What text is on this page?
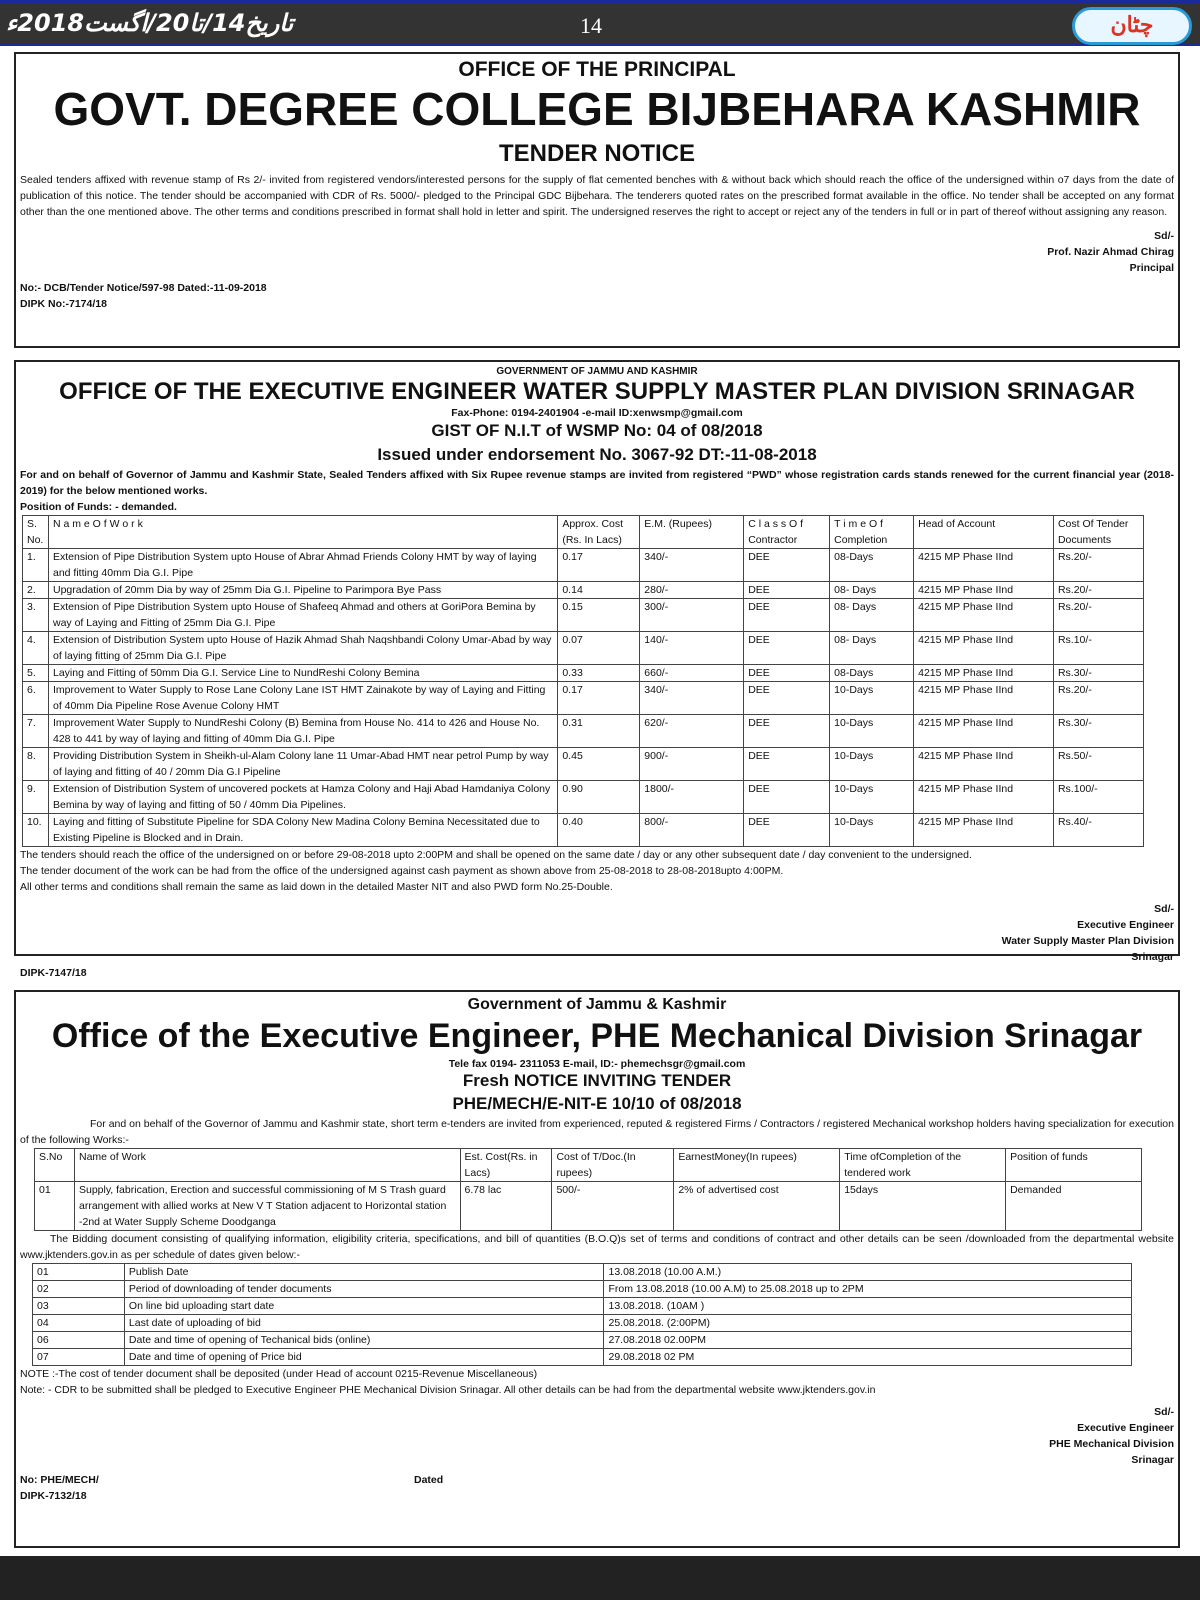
تاریخ14/تا20/اگست2018ء	14	چٹان
OFFICE OF THE PRINCIPAL
GOVT. DEGREE COLLEGE BIJBEHARA KASHMIR
TENDER NOTICE
Sealed tenders affixed with revenue stamp of Rs 2/- invited from registered vendors/interested persons for the supply of flat cemented benches with & without back which should reach the office of the undersigned within o7 days from the date of publication of this notice. The tender should be accompanied with CDR of Rs. 5000/- pledged to the Principal GDC Bijbehara. The tenderers quoted rates on the prescribed format available in the office. No tender shall be accepted on any format other than the one mentioned above. The other terms and conditions prescribed in format shall hold in letter and spirit. The undersigned reserves the right to accept or reject any of the tenders in full or in part of thereof without assigning any reason.
Sd/-
Prof. Nazir Ahmad Chirag
Principal
No:- DCB/Tender Notice/597-98 Dated:-11-09-2018
DIPK No:-7174/18
GOVERNMENT OF JAMMU AND KASHMIR
OFFICE OF THE EXECUTIVE ENGINEER WATER SUPPLY MASTER PLAN DIVISION SRINAGAR
Fax-Phone: 0194-2401904 -e-mail ID:xenwsmp@gmail.com
GIST OF N.I.T of WSMP No: 04 of 08/2018
Issued under endorsement No. 3067-92 DT:-11-08-2018
For and on behalf of Governor of Jammu and Kashmir State, Sealed Tenders affixed with Six Rupee revenue stamps are invited from registered “PWD” whose registration cards stands renewed for the current financial year (2018-2019) for the below mentioned works.
Position of Funds: - demanded.
S. No.	N a m e O f W o r k	Approx. Cost (Rs. In Lacs)	E.M. (Rupees)	C l a s s O f Contractor	T i m e O f Completion	Head of Account	Cost Of Tender Documents
1.	Extension of Pipe Distribution System upto House of Abrar Ahmad Friends Colony HMT by way of laying and fitting 40mm Dia G.I. Pipe	0.17	340/-	DEE	08-Days	4215 MP Phase IInd	Rs.20/-
2.	Upgradation of 20mm Dia by way of 25mm Dia G.I. Pipeline to Parimpora Bye Pass	0.14	280/-	DEE	08- Days	4215 MP Phase IInd	Rs.20/-
3.	Extension of Pipe Distribution System upto House of Shafeeq Ahmad and others at GoriPora Bemina by way of Laying and Fitting of 25mm Dia G.I. Pipe	0.15	300/-	DEE	08- Days	4215 MP Phase IInd	Rs.20/-
4.	Extension of Distribution System upto House of Hazik Ahmad Shah Naqshbandi Colony Umar-Abad by way of laying fitting of 25mm Dia G.I. Pipe	0.07	140/-	DEE	08- Days	4215 MP Phase IInd	Rs.10/-
5.	Laying and Fitting of 50mm Dia G.I. Service Line to NundReshi Colony Bemina	0.33	660/-	DEE	08-Days	4215 MP Phase IInd	Rs.30/-
6.	Improvement to Water Supply to Rose Lane Colony Lane IST HMT Zainakote by way of Laying and Fitting of 40mm Dia Pipeline Rose Avenue Colony HMT	0.17	340/-	DEE	10-Days	4215 MP Phase IInd	Rs.20/-
7.	Improvement Water Supply to NundReshi Colony (B) Bemina from House No. 414 to 426 and House No. 428 to 441 by way of laying and fitting of 40mm Dia G.I. Pipe	0.31	620/-	DEE	10-Days	4215 MP Phase IInd	Rs.30/-
8.	Providing Distribution System in Sheikh-ul-Alam Colony lane 11 Umar-Abad HMT near petrol Pump by way of laying and fitting of 40 / 20mm Dia G.I Pipeline	0.45	900/-	DEE	10-Days	4215 MP Phase IInd	Rs.50/-
9.	Extension of Distribution System of uncovered pockets at Hamza Colony and Haji Abad Hamdaniya Colony Bemina by way of laying and fitting of 50 / 40mm Dia Pipelines.	0.90	1800/-	DEE	10-Days	4215 MP Phase IInd	Rs.100/-
10.	Laying and fitting of Substitute Pipeline for SDA Colony New Madina Colony Bemina Necessitated due to Existing Pipeline is Blocked and in Drain.	0.40	800/-	DEE	10-Days	4215 MP Phase IInd	Rs.40/-
The tenders should reach the office of the undersigned on or before 29-08-2018 upto 2:00PM and shall be opened on the same date / day or any other subsequent date / day convenient to the undersigned.
The tender document of the work can be had from the office of the undersigned against cash payment as shown above from 25-08-2018 to 28-08-2018upto 4:00PM.
All other terms and conditions shall remain the same as laid down in the detailed Master NIT and also PWD form No.25-Double.
Sd/-
Executive Engineer
Water Supply Master Plan Division
Srinagar
DIPK-7147/18
Government of Jammu & Kashmir
Office of the Executive Engineer, PHE Mechanical Division Srinagar
Tele fax 0194- 2311053 E-mail, ID:- phemechsgr@gmail.com
Fresh NOTICE INVITING TENDER
PHE/MECH/E-NIT-E 10/10 of 08/2018
For and on behalf of the Governor of Jammu and Kashmir state, short term e-tenders are invited from experienced, reputed & registered Firms / Contractors / registered Mechanical workshop holders having specialization for execution of the following Works:-
S.No	Name of Work	Est. Cost(Rs. in Lacs)	Cost of T/Doc.(In rupees)	EarnestMoney(In rupees)	Time ofCompletion of the tendered work	Position of funds
01	Supply, fabrication, Erection and successful commissioning of M S Trash guard arrangement with allied works at New V T Station adjacent to Horizontal station -2nd at Water Supply Scheme Doodganga	6.78 lac	500/-	2% of advertised cost	15days	Demanded
The Bidding document consisting of qualifying information, eligibility criteria, specifications, and bill of quantities (B.O.Q)s set of terms and conditions of contract and other details can be seen /downloaded from the departmental website www.jktenders.gov.in as per schedule of dates given below:-
01	Publish Date	13.08.2018 (10.00 A.M.)
02	Period of downloading of tender documents	From 13.08.2018 (10.00 A.M) to 25.08.2018 up to 2PM
03	On line bid uploading start date	13.08.2018. (10AM )
04	Last date of uploading of bid	25.08.2018. (2:00PM)
06	Date and time of opening of Techanical bids (online)	27.08.2018 02.00PM
07	Date and time of opening of Price bid	29.08.2018 02 PM
NOTE :-The cost of tender document shall be deposited (under Head of account 0215-Revenue Miscellaneous)
Note: - CDR to be submitted shall be pledged to Executive Engineer PHE Mechanical Division Srinagar. All other details can be had from the departmental website www.jktenders.gov.in
Sd/-
Executive Engineer
PHE Mechanical Division
Srinagar
No: PHE/MECH/	Dated
DIPK-7132/18
